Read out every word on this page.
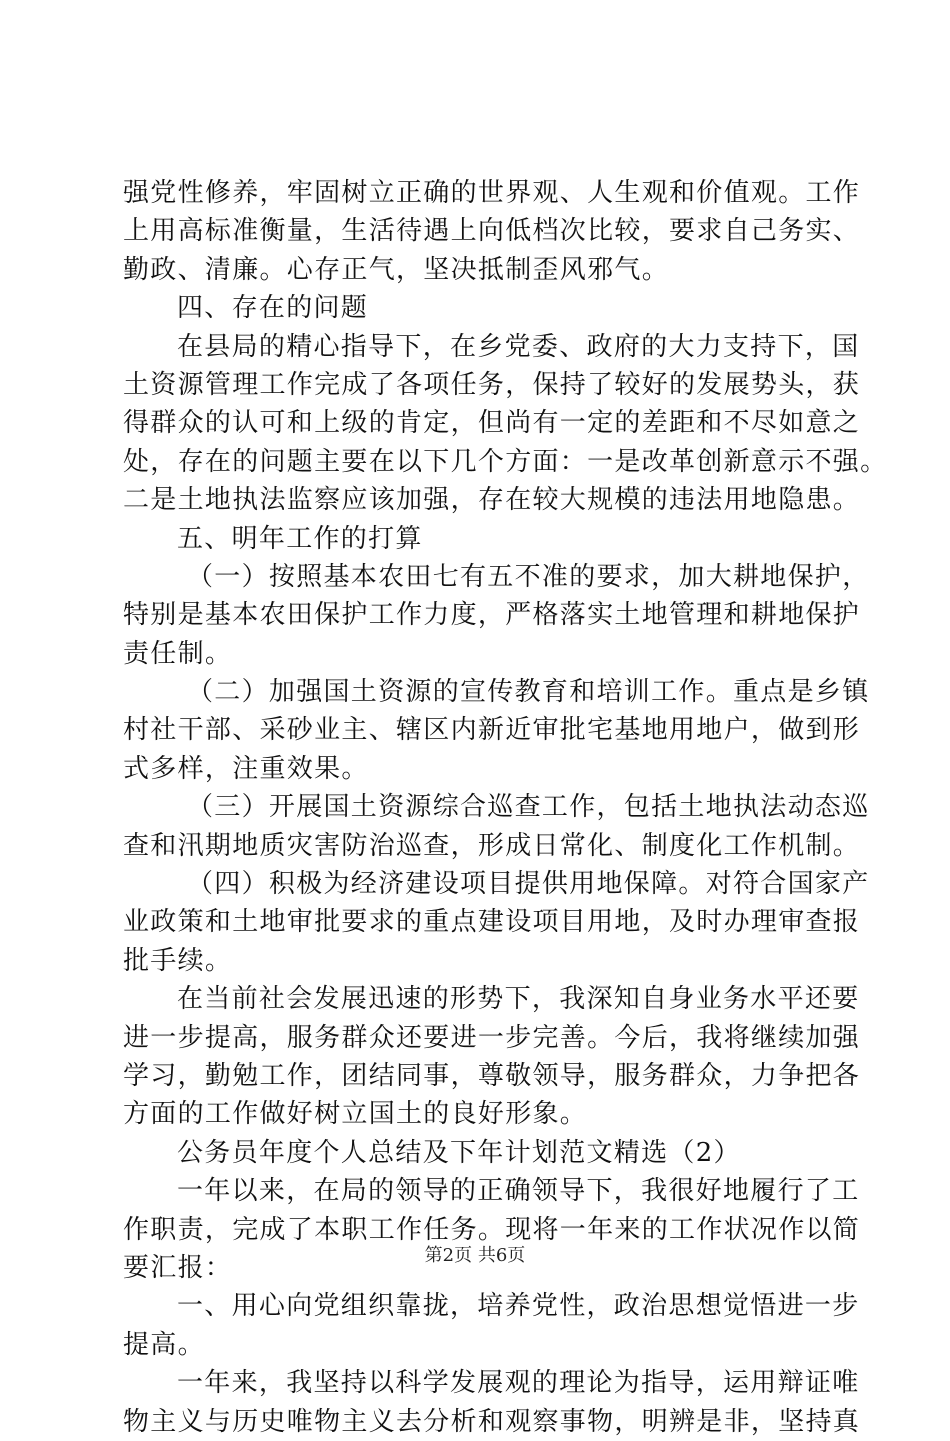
强党性修养，牢固树立正确的世界观、人生观和价值观。工作
上用高标准衡量，生活待遇上向低档次比较，要求自己务实、
勤政、清廉。心存正气，坚决抵制歪风邪气。
四、存在的问题
在县局的精心指导下，在乡党委、政府的大力支持下，国
土资源管理工作完成了各项任务，保持了较好的发展势头，获
得群众的认可和上级的肯定，但尚有一定的差距和不尽如意之
处，存在的问题主要在以下几个方面：一是改革创新意示不强。
二是土地执法监察应该加强，存在较大规模的违法用地隐患。
五、明年工作的打算
（一）按照基本农田七有五不准的要求，加大耕地保护，
特别是基本农田保护工作力度，严格落实土地管理和耕地保护
责任制。
（二）加强国土资源的宣传教育和培训工作。重点是乡镇
村社干部、采砂业主、辖区内新近审批宅基地用地户，做到形
式多样，注重效果。
（三）开展国土资源综合巡查工作，包括土地执法动态巡
查和汛期地质灾害防治巡查，形成日常化、制度化工作机制。
（四）积极为经济建设项目提供用地保障。对符合国家产
业政策和土地审批要求的重点建设项目用地，及时办理审查报
批手续。
在当前社会发展迅速的形势下，我深知自身业务水平还要
进一步提高，服务群众还要进一步完善。今后，我将继续加强
学习，勤勉工作，团结同事，尊敬领导，服务群众，力争把各
方面的工作做好树立国土的良好形象。
公务员年度个人总结及下年计划范文精选（2）
一年以来，在局的领导的正确领导下，我很好地履行了工
作职责，完成了本职工作任务。现将一年来的工作状况作以简
要汇报：
一、用心向党组织靠拢，培养党性，政治思想觉悟进一步
提高。
一年来，我坚持以科学发展观的理论为指导，运用辩证唯
物主义与历史唯物主义去分析和观察事物，明辨是非，坚持真
第2页 共6页
